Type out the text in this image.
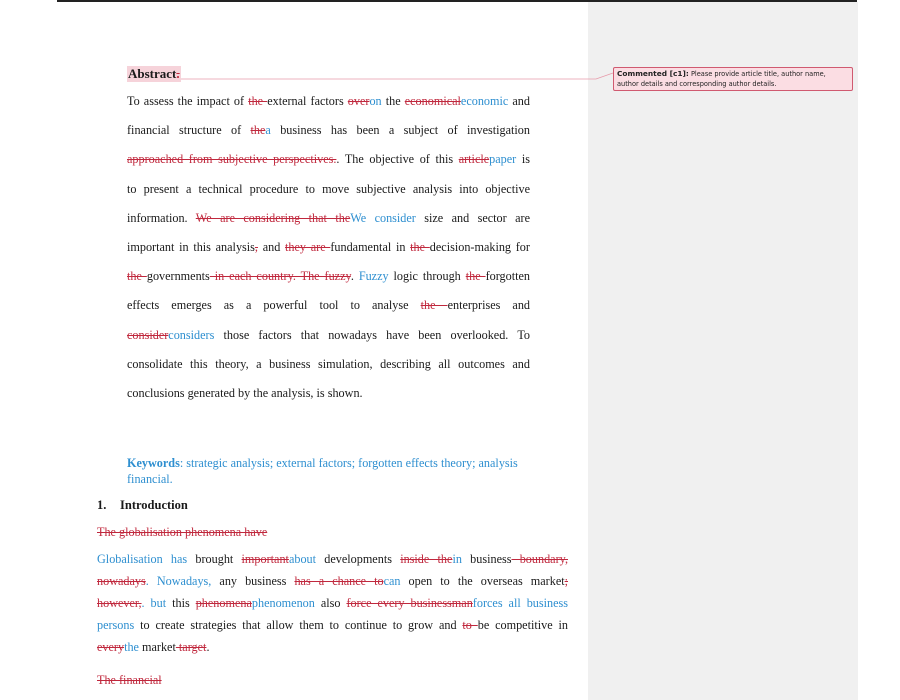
Abstract.
To assess the impact of the external factors overon the economicaleconomic and
financial structure of thea business has been a subject of investigation
approached from subjective perspectives.. The objective of this articlepaper is
to present a technical procedure to move subjective analysis into objective
information. We are considering that theWe consider size and sector are
important in this analysis, and they are fundamental in the decision-making for
the governments in each country. The fuzzy. Fuzzy logic through the forgotten
effects emerges as a powerful tool to analyse the enterprises and
considerconsiders those factors that nowadays have been overlooked. To
consolidate this theory, a business simulation, describing all outcomes and
conclusions generated by the analysis, is shown.
Keywords: strategic analysis; external factors; forgotten effects theory; analysis
financial.
1. Introduction
The globalisation phenomena have
Globalisation has brought importantabout developments inside thein business boundary,
nowadays. Nowadays, any business has a chance tocan open to the overseas market;
however,. but this phenomenaphenomenon also force every businessmanforces all business
persons to create strategies that allow them to continue to grow and to be competitive in
everythe market target.
The financial
Commented [c1]: Please provide article title, author name, author details and corresponding author details.
